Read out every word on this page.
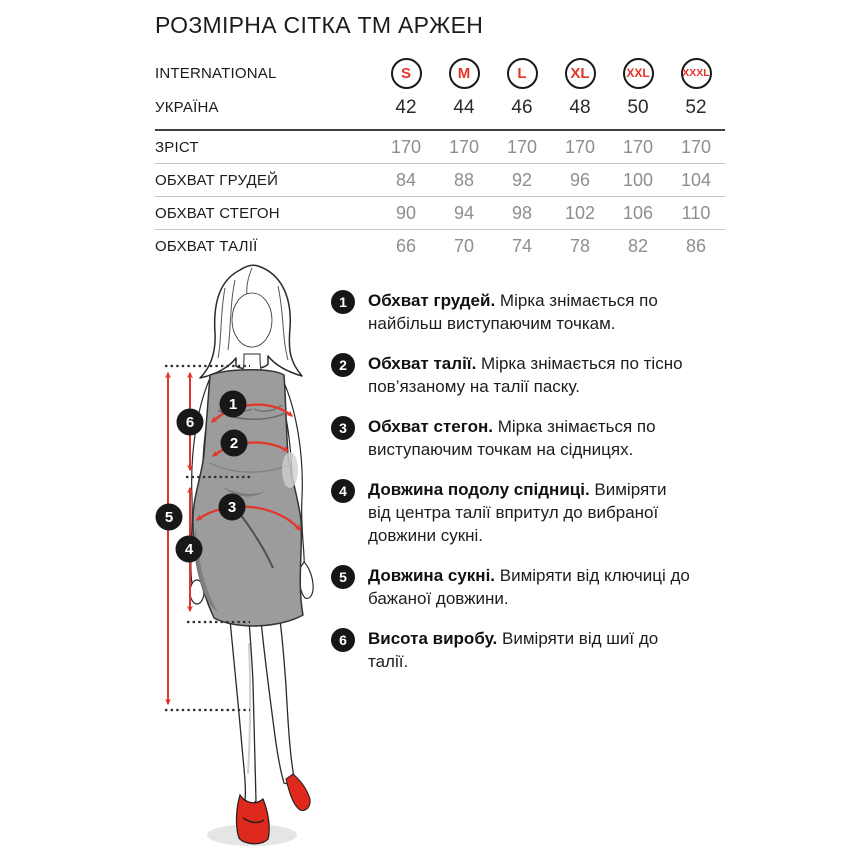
РОЗМІРНА СІТКА ТМ АРЖЕН
INTERNATIONAL	S	M	L	XL	XXL	XXXL
УКРАЇНА	42	44	46	48	50	52
ЗРІСТ	170	170	170	170	170	170
ОБХВАТ ГРУДЕЙ	84	88	92	96	100	104
ОБХВАТ СТЕГОН	90	94	98	102	106	110
ОБХВАТ ТАЛІЇ	66	70	74	78	82	86
1
2
3
6
5
4
1	Обхват грудей. Мірка знімається по найбільш виступаючим точкам.
2	Обхват талії. Мірка знімається по тісно пов’язаному на талії паску.
3	Обхват стегон. Мірка знімається по виступаючим точкам на сідницях.
4	Довжина подолу спідниці. Виміряти від центра талії впритул до вибраної довжини сукні.
5	Довжина сукні. Виміряти від ключиці до бажаної довжини.
6	Висота виробу. Виміряти від шиї до талії.
